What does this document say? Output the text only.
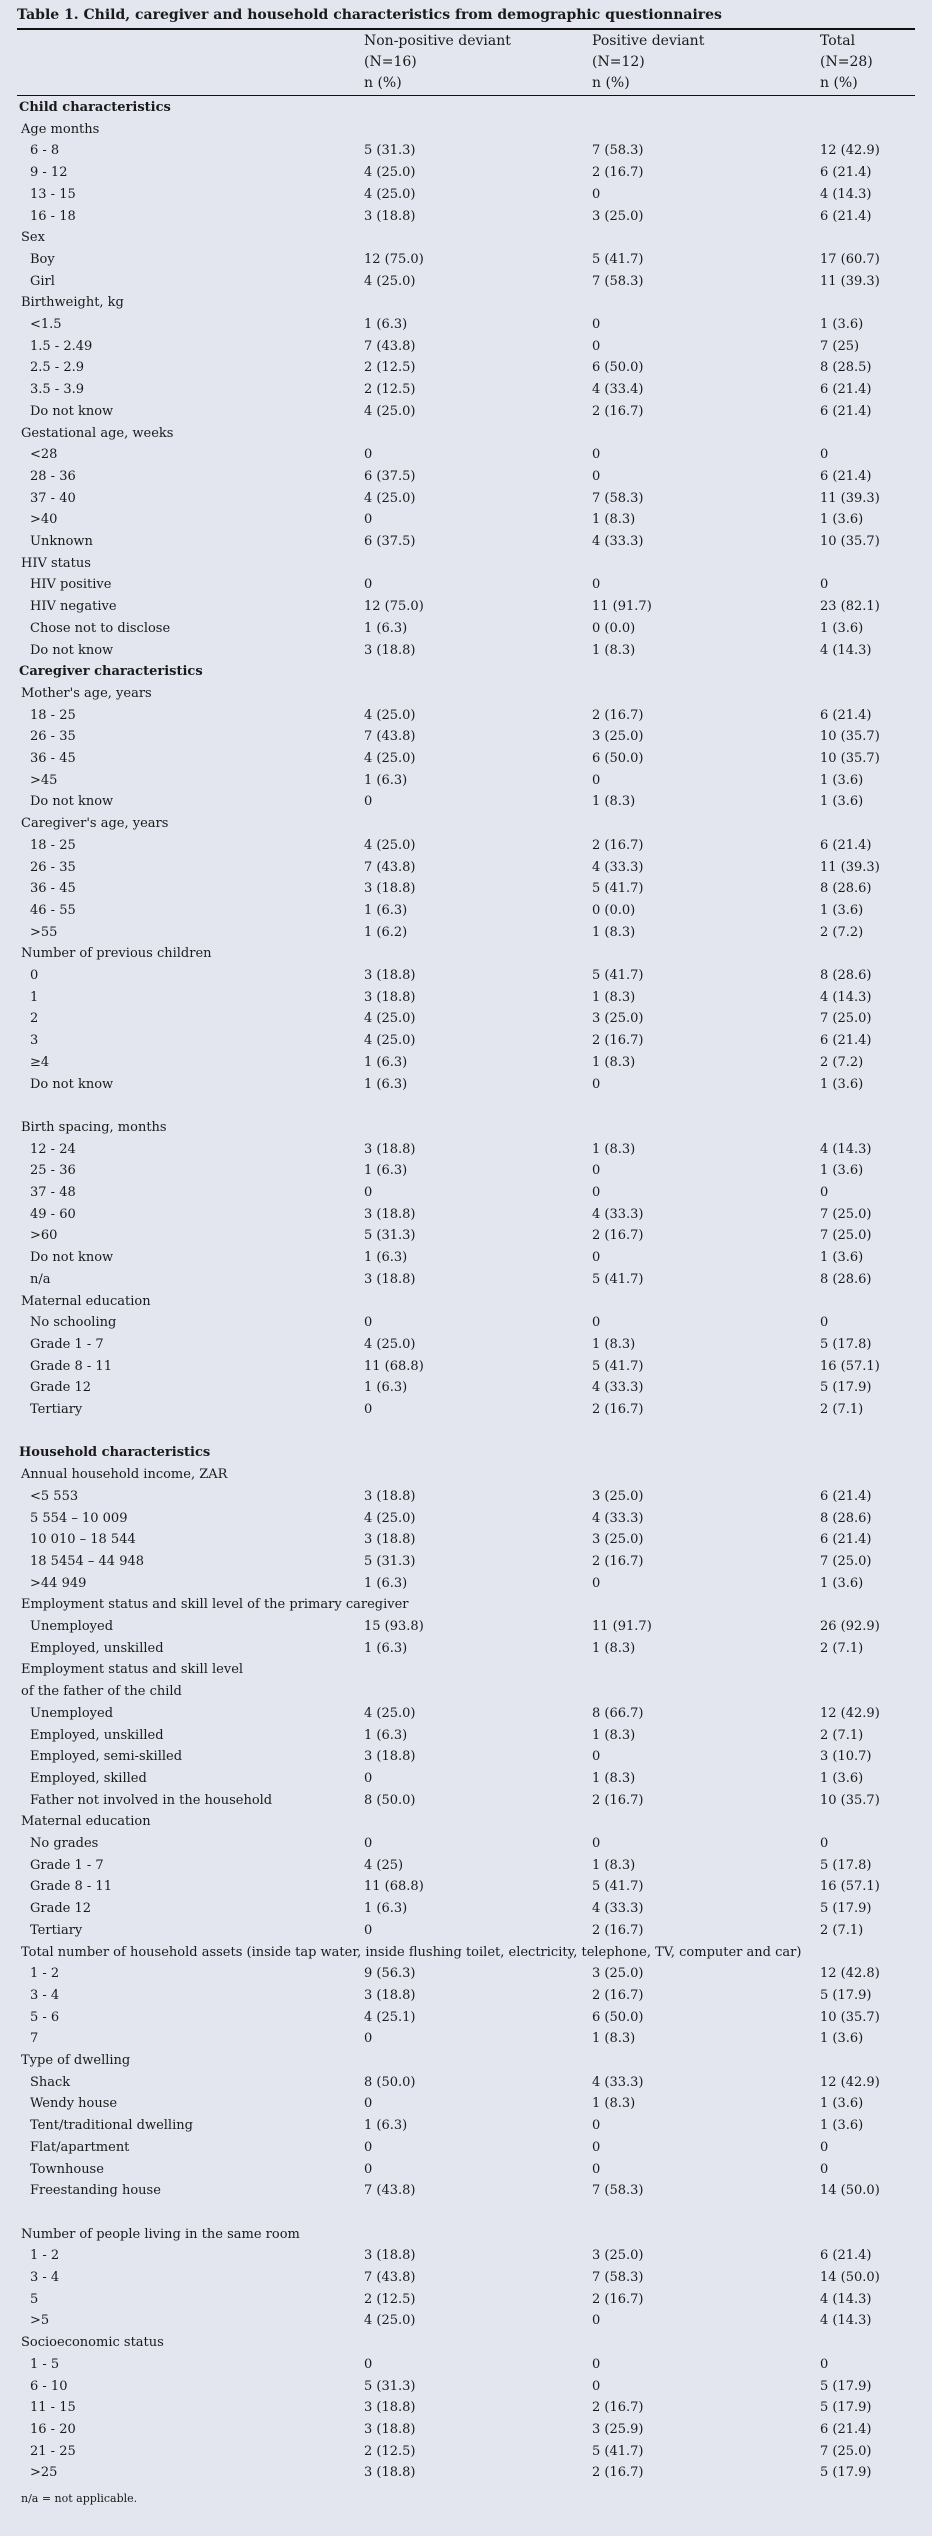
Table 1. Child, caregiver and household characteristics from demographic questionnaires
Non-positive deviant
(N=16)
n (%)
Positive deviant
(N=12)
n (%)
Total
(N=28)
n (%)
Child characteristics
Age months
6 - 8	5 (31.3)	7 (58.3)	12 (42.9)
9 - 12	4 (25.0)	2 (16.7)	6 (21.4)
13 - 15	4 (25.0)	0	4 (14.3)
16 - 18	3 (18.8)	3 (25.0)	6 (21.4)
Sex
Boy	12 (75.0)	5 (41.7)	17 (60.7)
Girl	4 (25.0)	7 (58.3)	11 (39.3)
Birthweight, kg
<1.5	1 (6.3)	0	1 (3.6)
1.5 - 2.49	7 (43.8)	0	7 (25)
2.5 - 2.9	2 (12.5)	6 (50.0)	8 (28.5)
3.5 - 3.9	2 (12.5)	4 (33.4)	6 (21.4)
Do not know	4 (25.0)	2 (16.7)	6 (21.4)
Gestational age, weeks
<28	0	0	0
28 - 36	6 (37.5)	0	6 (21.4)
37 - 40	4 (25.0)	7 (58.3)	11 (39.3)
>40	0	1 (8.3)	1 (3.6)
Unknown	6 (37.5)	4 (33.3)	10 (35.7)
HIV status
HIV positive	0	0	0
HIV negative	12 (75.0)	11 (91.7)	23 (82.1)
Chose not to disclose	1 (6.3)	0 (0.0)	1 (3.6)
Do not know	3 (18.8)	1 (8.3)	4 (14.3)
Caregiver characteristics
Mother's age, years
18 - 25	4 (25.0)	2 (16.7)	6 (21.4)
26 - 35	7 (43.8)	3 (25.0)	10 (35.7)
36 - 45	4 (25.0)	6 (50.0)	10 (35.7)
>45	1 (6.3)	0	1 (3.6)
Do not know	0	1 (8.3)	1 (3.6)
Caregiver's age, years
18 - 25	4 (25.0)	2 (16.7)	6 (21.4)
26 - 35	7 (43.8)	4 (33.3)	11 (39.3)
36 - 45	3 (18.8)	5 (41.7)	8 (28.6)
46 - 55	1 (6.3)	0 (0.0)	1 (3.6)
>55	1 (6.2)	1 (8.3)	2 (7.2)
Number of previous children
0	3 (18.8)	5 (41.7)	8 (28.6)
1	3 (18.8)	1 (8.3)	4 (14.3)
2	4 (25.0)	3 (25.0)	7 (25.0)
3	4 (25.0)	2 (16.7)	6 (21.4)
≥4	1 (6.3)	1 (8.3)	2 (7.2)
Do not know	1 (6.3)	0	1 (3.6)
Birth spacing, months
12 - 24	3 (18.8)	1 (8.3)	4 (14.3)
25 - 36	1 (6.3)	0	1 (3.6)
37 - 48	0	0	0
49 - 60	3 (18.8)	4 (33.3)	7 (25.0)
>60	5 (31.3)	2 (16.7)	7 (25.0)
Do not know	1 (6.3)	0	1 (3.6)
n/a	3 (18.8)	5 (41.7)	8 (28.6)
Maternal education
No schooling	0	0	0
Grade 1 - 7	4 (25.0)	1 (8.3)	5 (17.8)
Grade 8 - 11	11 (68.8)	5 (41.7)	16 (57.1)
Grade 12	1 (6.3)	4 (33.3)	5 (17.9)
Tertiary	0	2 (16.7)	2 (7.1)
Household characteristics
Annual household income, ZAR
<5 553	3 (18.8)	3 (25.0)	6 (21.4)
5 554 – 10 009	4 (25.0)	4 (33.3)	8 (28.6)
10 010 – 18 544	3 (18.8)	3 (25.0)	6 (21.4)
18 5454 – 44 948	5 (31.3)	2 (16.7)	7 (25.0)
>44 949	1 (6.3)	0	1 (3.6)
Employment status and skill level of the primary caregiver
Unemployed	15 (93.8)	11 (91.7)	26 (92.9)
Employed, unskilled	1 (6.3)	1 (8.3)	2 (7.1)
Employment status and skill level
of the father of the child
Unemployed	4 (25.0)	8 (66.7)	12 (42.9)
Employed, unskilled	1 (6.3)	1 (8.3)	2 (7.1)
Employed, semi-skilled	3 (18.8)	0	3 (10.7)
Employed, skilled	0	1 (8.3)	1 (3.6)
Father not involved in the household	8 (50.0)	2 (16.7)	10 (35.7)
Maternal education
No grades	0	0	0
Grade 1 - 7	4 (25)	1 (8.3)	5 (17.8)
Grade 8 - 11	11 (68.8)	5 (41.7)	16 (57.1)
Grade 12	1 (6.3)	4 (33.3)	5 (17.9)
Tertiary	0	2 (16.7)	2 (7.1)
Total number of household assets (inside tap water, inside flushing toilet, electricity, telephone, TV, computer and car)
1 - 2	9 (56.3)	3 (25.0)	12 (42.8)
3 - 4	3 (18.8)	2 (16.7)	5 (17.9)
5 - 6	4 (25.1)	6 (50.0)	10 (35.7)
7	0	1 (8.3)	1 (3.6)
Type of dwelling
Shack	8 (50.0)	4 (33.3)	12 (42.9)
Wendy house	0	1 (8.3)	1 (3.6)
Tent/traditional dwelling	1 (6.3)	0	1 (3.6)
Flat/apartment	0	0	0
Townhouse	0	0	0
Freestanding house	7 (43.8)	7 (58.3)	14 (50.0)
Number of people living in the same room
1 - 2	3 (18.8)	3 (25.0)	6 (21.4)
3 - 4	7 (43.8)	7 (58.3)	14 (50.0)
5	2 (12.5)	2 (16.7)	4 (14.3)
>5	4 (25.0)	0	4 (14.3)
Socioeconomic status
1 - 5	0	0	0
6 - 10	5 (31.3)	0	5 (17.9)
11 - 15	3 (18.8)	2 (16.7)	5 (17.9)
16 - 20	3 (18.8)	3 (25.9)	6 (21.4)
21 - 25	2 (12.5)	5 (41.7)	7 (25.0)
>25	3 (18.8)	2 (16.7)	5 (17.9)
n/a = not applicable.
